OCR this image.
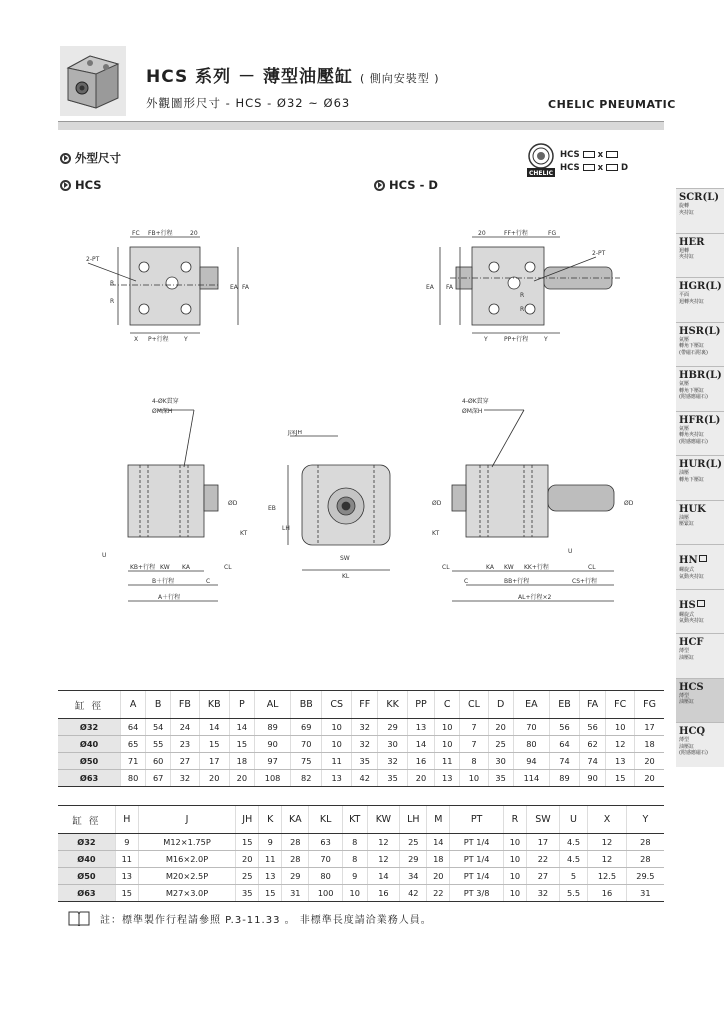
HCS 系列 － 薄型油壓缸 ( 側向安裝型 )
外觀圖形尺寸 - HCS - Ø32 ~ Ø63	CHELIC PNEUMATIC
外型尺寸
HCS	HCS - D
CHELIC
HCS x
HCS x D
FC FB+行程	20
2-PT
R
R
EA FA
X P+行程	Y
20	FF+行程	FG
2-PT
EA FA
R
R
Y	PP+行程	Y
4-ØK貫穿
ØM深H
ØD
KT
U
KB+行程 KW KA	CL
B＋行程	C
A＋行程
J深JH
EB
LH
SW
KL
4-ØK貫穿
ØM深H
ØD
KT
U
ØD
CL	KA KW KK+行程	CL
C	BB+行程	CS+行程
AL+行程×2
SCR(L)
旋轉
夾持缸
HER
迴轉
夾持缸
HGR(L)
平面
迴轉夾持缸
HSR(L)
氣壓
轉角下壓缸
(帶磁石附裏)
HBR(L)
氣壓
轉角下壓缸
(附感應磁石)
HFR(L)
氣壓
轉角夾持缸
(附感應磁石)
HUR(L)
油壓
轉角下壓缸
HUK
油壓
壓緊缸
HN
螺旋式
氣動夾持缸
HS
螺旋式
氣動夾持缸
HCF
薄型
油壓缸
HCS
薄型
油壓缸
HCQ
薄型
油壓缸
(附感應磁石)
缸 徑	A	B	FB	KB	P	AL	BB	CS	FF	KK	PP	C	CL	D	EA	EB	FA	FC	FG
Ø32	64	54	24	14	14	89	69	10	32	29	13	10	7	20	70	56	56	10	17
Ø40	65	55	23	15	15	90	70	10	32	30	14	10	7	25	80	64	62	12	18
Ø50	71	60	27	17	18	97	75	11	35	32	16	11	8	30	94	74	74	13	20
Ø63	80	67	32	20	20	108	82	13	42	35	20	13	10	35	114	89	90	15	20
缸 徑	H	J	JH	K	KA	KL	KT	KW	LH	M	PT	R	SW	U	X	Y
Ø32	9	M12×1.75P	15	9	28	63	8	12	25	14	PT 1/4	10	17	4.5	12	28
Ø40	11	M16×2.0P	20	11	28	70	8	12	29	18	PT 1/4	10	22	4.5	12	28
Ø50	13	M20×2.5P	25	13	29	80	9	14	34	20	PT 1/4	10	27	5	12.5	29.5
Ø63	15	M27×3.0P	35	15	31	100	10	16	42	22	PT 3/8	10	32	5.5	16	31
註：標準製作行程請參照 P.3-11.33 。 非標準長度請洽業務人員。
